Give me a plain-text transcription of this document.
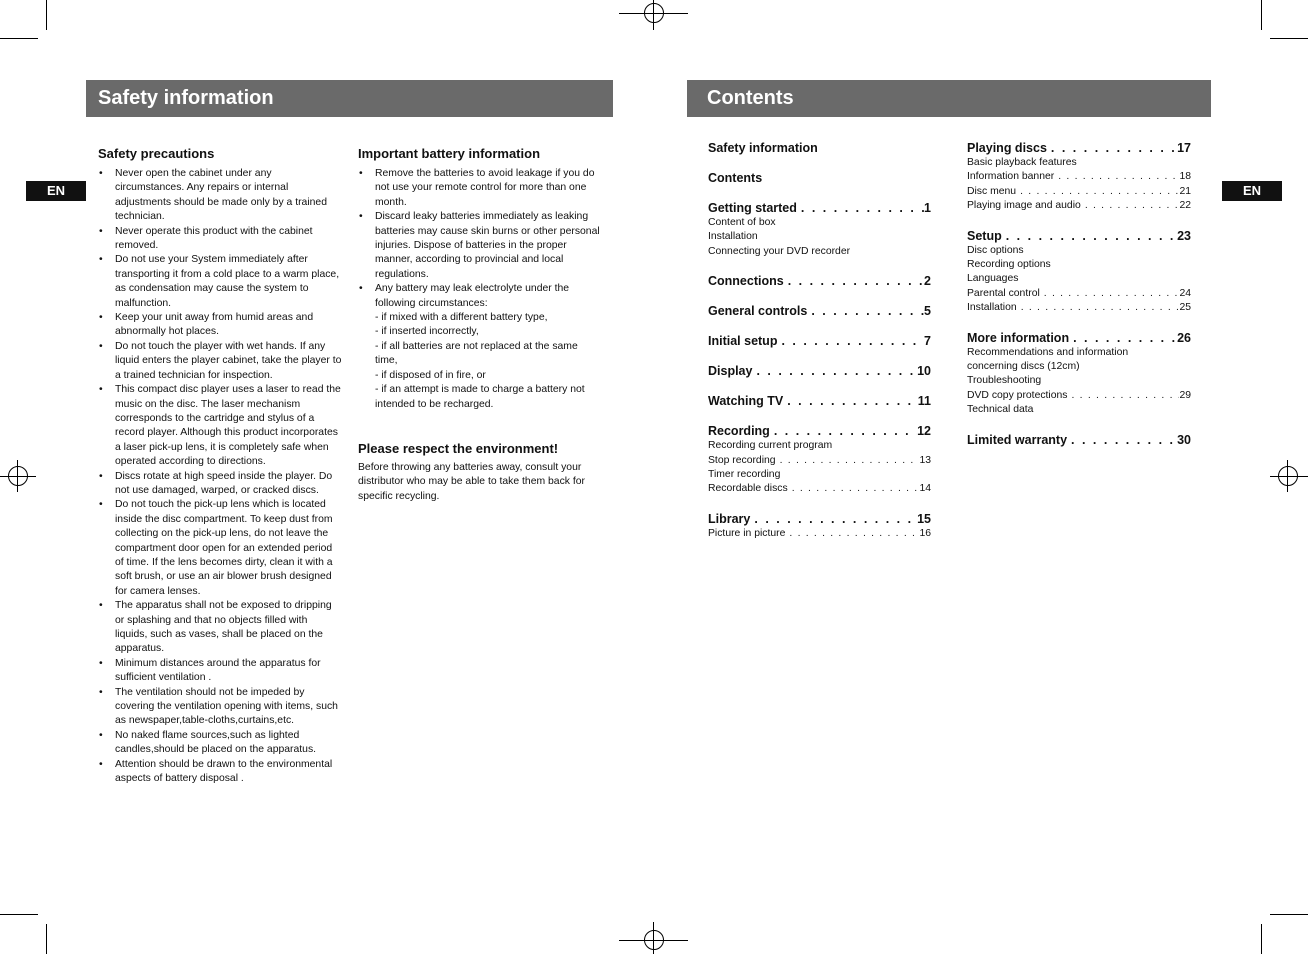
Safety information
EN
Safety precautions
• Never open the cabinet under any circumstances. Any repairs or internal adjustments should be made only by a trained technician.
• Never operate this product with the cabinet removed.
• Do not use your System immediately after transporting it from a cold place to a warm place, as condensation may cause the system to malfunction.
• Keep your unit away from humid areas and abnormally hot places.
• Do not touch the player with wet hands. If any liquid enters the player cabinet, take the player to a trained technician for inspection.
• This compact disc player uses a laser to read the music on the disc. The laser mechanism corresponds to the cartridge and stylus of a record player. Although this product incorporates a laser pick-up lens, it is completely safe when operated according to directions.
• Discs rotate at high speed inside the player. Do not use damaged, warped, or cracked discs.
• Do not touch the pick-up lens which is located inside the disc compartment. To keep dust from collecting on the pick-up lens, do not leave the compartment door open for an extended period of time. If the lens becomes dirty, clean it with a soft brush, or use an air blower brush designed for camera lenses.
• The apparatus shall not be exposed to dripping or splashing and that no objects filled with liquids, such as vases, shall be placed on the apparatus.
• Minimum distances around the apparatus for sufficient ventilation .
• The ventilation should not be impeded by covering the ventilation opening with items, such as newspaper,table-cloths,curtains,etc.
• No naked flame sources,such as lighted candles,should be placed on the apparatus.
• Attention should be drawn to the environmental aspects of battery disposal .
Important battery information
• Remove the batteries to avoid leakage if you do not use your remote control for more than one month.
• Discard leaky batteries immediately as leaking batteries may cause skin burns or other personal injuries. Dispose of batteries in the proper manner, according to provincial and local regulations.
• Any battery may leak electrolyte under the following circumstances:
- if mixed with a different battery type,
- if inserted incorrectly,
- if all batteries are not replaced at the same time,
- if disposed of in fire, or
- if an attempt is made to charge a battery not intended to be recharged.
Please respect the environment!

Before throwing any batteries away, consult your distributor who may be able to take them back for specific recycling.

Contents
EN
Safety information
Contents
Getting started . . .	1
Content of box
Installation
Connecting your DVD recorder
Connections . . .	2
General controls . . .	5
Initial setup . . .	7
Display . . .	10
Watching TV . . .	11
Recording . . .	12
Recording current program
Stop recording . . .	13
Timer recording
Recordable discs . . .	14
Library . . .	15
Picture in picture . . .	16
Playing discs . . .	17
Basic playback features
Information banner . . .	18
Disc menu . . .	21
Playing image and audio . . .	22
Setup . . .	23
Disc options
Recording options
Languages
Parental control . . .	24
Installation . . .	25
More information . . .	26
Recommendations and information
concerning discs (12cm)
Troubleshooting
DVD copy protections . . .	29
Technical data
Limited warranty . . .	30
